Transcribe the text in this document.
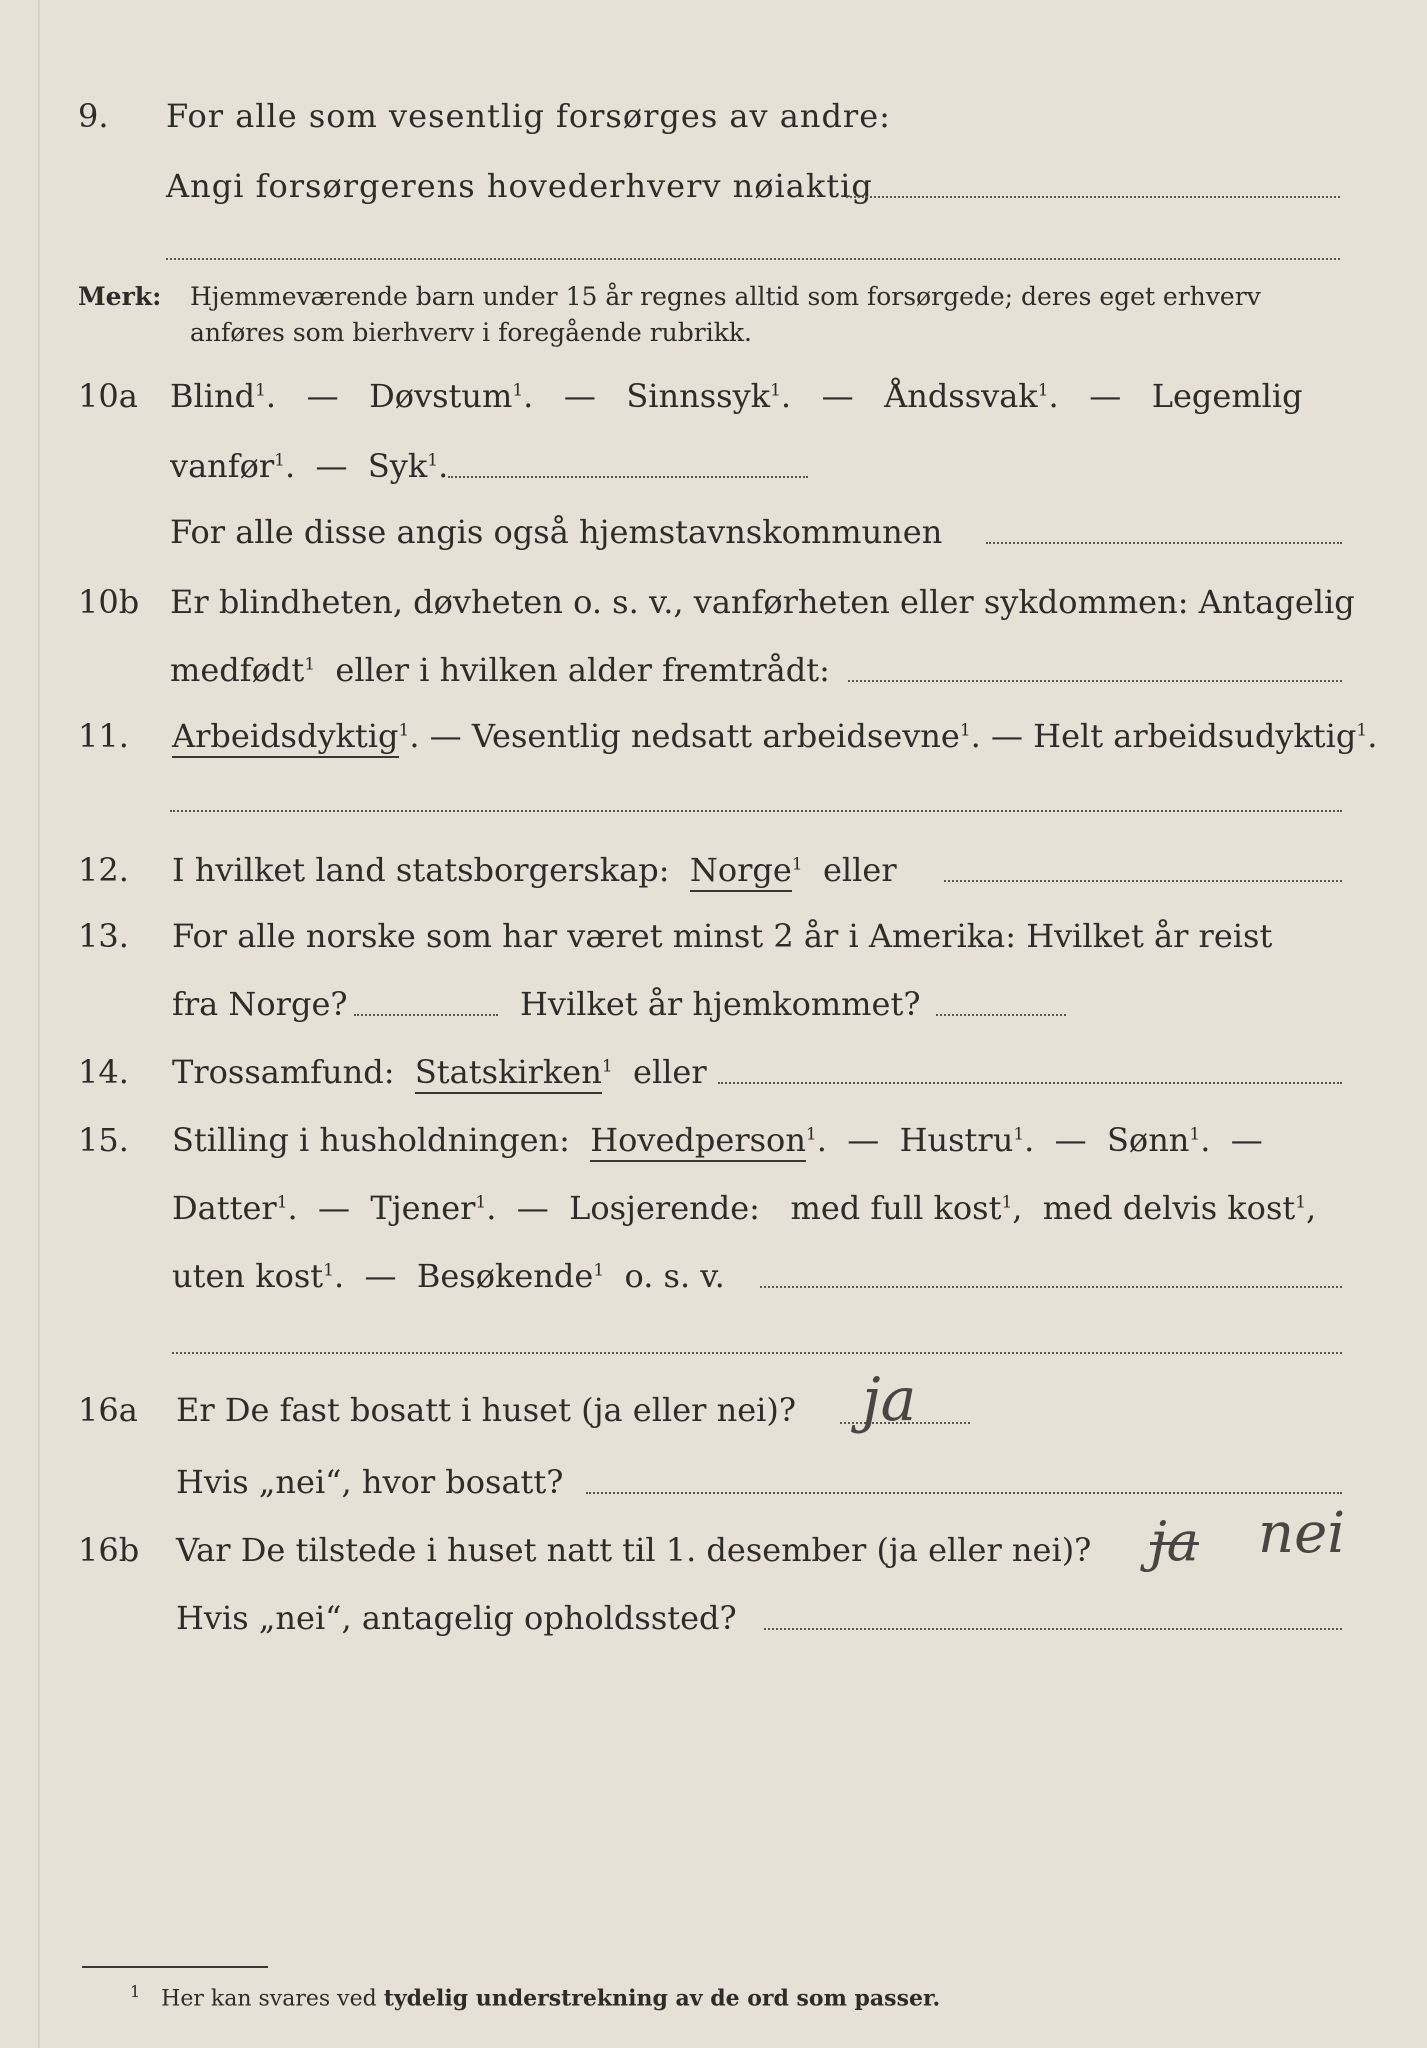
9. For alle som vesentlig forsørges av andre:
Angi forsørgerens hovederhverv nøiaktig
Merk: Hjemmeværende barn under 15 år regnes alltid som forsørgede; deres eget erhverv
anføres som bierhverv i foregående rubrikk.
10a Blind$^1$.   — Døvstum$^1$.   — Sinnssyk$^1$.   — Åndssvak$^1$.   — Legemlig
vanfør$^1$.  — Syk$^1$.
For alle disse angis også hjemstavnskommunen
10b Er blindheten, døvheten o. s. v., vanførheten eller sykdommen: Antagelig
medfødt$^1$ eller i hvilken alder fremtrådt:
11. Arbeidsdyktig$^1$. — Vesentlig nedsatt arbeidsevne$^1$. — Helt arbeidsudyktig$^1$.
12. I hvilket land statsborgerskap: Norge$^1$ eller
13. For alle norske som har været minst 2 år i Amerika: Hvilket år reist
fra Norge?	Hvilket år hjemkommet?
14. Trossamfund: Statskirken$^1$ eller
15. Stilling i husholdningen: Hovedperson$^1$.  —  Hustru$^1$.  —  Sønn$^1$.  —
Datter$^1$.  —  Tjener$^1$.  —  Losjerende: med full kost$^1$,  med delvis kost$^1$,
uten kost$^1$.  —  Besøkende$^1$ o. s. v.
16a Er De fast bosatt i huset (ja eller nei)? ja
Hvis „nei“, hvor bosatt?
16b Var De tilstede i huset natt til 1. desember (ja eller nei)? ja nei
Hvis „nei“, antagelig opholdssted?
$^1$ Her kan svares ved tydelig understrekning av de ord som passer.
